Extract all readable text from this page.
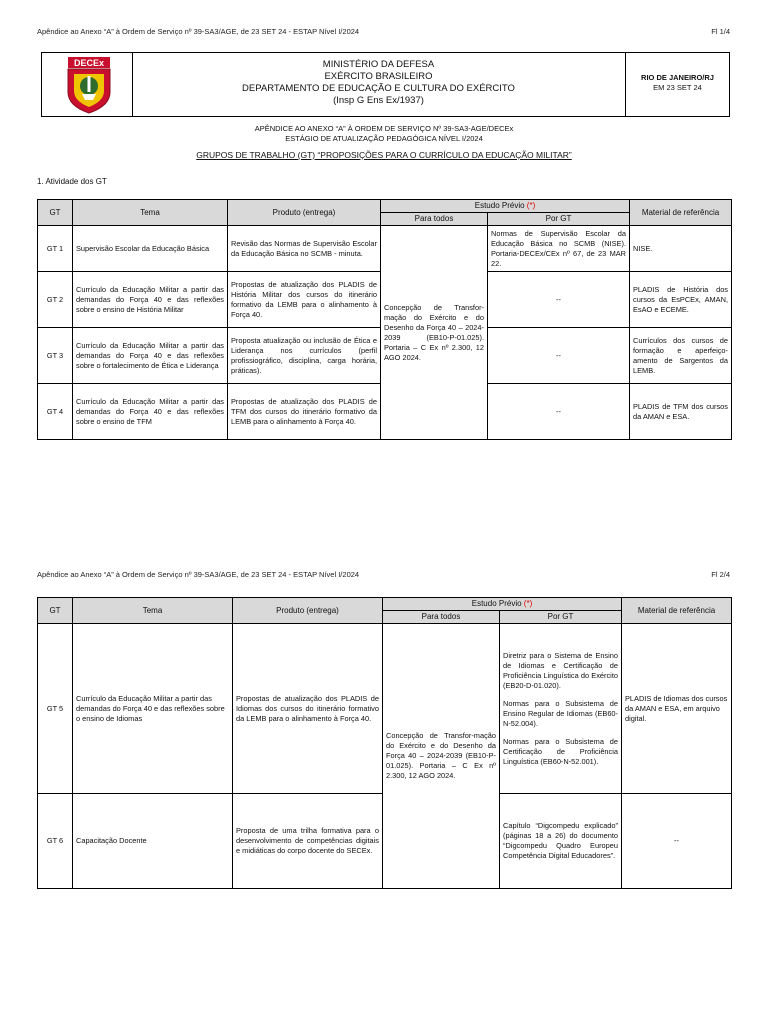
Apêndice ao Anexo “A” à Ordem de Serviço nº 39-SA3/AGE, de 23 SET 24 - ESTAP Nível I/2024	Fl 1/4
DECEx	MINISTÉRIO DA DEFESA
EXÉRCITO BRASILEIRO
DEPARTAMENTO DE EDUCAÇÃO E CULTURA DO EXÉRCITO
(Insp G Ens Ex/1937)
RIO DE JANEIRO/RJ
EM 23 SET 24
APÊNDICE AO ANEXO “A” À ORDEM DE SERVIÇO Nº 39-SA3-AGE/DECEx
ESTÁGIO DE ATUALIZAÇÃO PEDAGÓGICA NÍVEL I/2024
GRUPOS DE TRABALHO (GT) “PROPOSIÇÕES PARA O CURRÍCULO DA EDUCAÇÃO MILITAR”
1. Atividade dos GT
GT	Tema	Produto (entrega)	Estudo Prévio (*)		Material de referência
			Para todos	Por GT	
GT 1	Supervisão Escolar da Educação Básica	Revisão das Normas de Supervisão Escolar da Educação Básica no SCMB - minuta.	Concepção de Transfor-mação do Exército e do Desenho da Força 40 – 2024-2039 (EB10-P-01.025). Portaria – C Ex nº 2.300, 12 AGO 2024.	Normas de Supervisão Escolar da Educação Básica no SCMB (NISE). Portaria-DECEx/CEx nº 67, de 23 MAR 22.	NISE.
GT 2	Currículo da Educação Militar a partir das demandas do Força 40 e das reflexões sobre o ensino de História Militar	Propostas de atualização dos PLADIS de História Militar dos cursos do itinerário formativo da LEMB para o alinhamento à Força 40.		--	PLADIS de História dos cursos da EsPCEx, AMAN, EsAO e ECEME.
GT 3	Currículo da Educação Militar a partir das demandas do Força 40 e das reflexões sobre o fortalecimento de Ética e Liderança	Proposta atualização ou inclusão de Ética e Liderança nos currículos (perfil profissiográfico, disciplina, carga horária, práticas).		--	Currículos dos cursos de formação e aperfeiço-amento de Sargentos da LEMB.
GT 4	Currículo da Educação Militar a partir das demandas do Força 40 e das reflexões sobre o ensino de TFM	Propostas de atualização dos PLADIS de TFM dos cursos do itinerário formativo da LEMB para o alinhamento à Força 40.		--	PLADIS de TFM dos cursos da AMAN e ESA.
Apêndice ao Anexo “A” à Ordem de Serviço nº 39-SA3/AGE, de 23 SET 24 - ESTAP Nível I/2024	Fl 2/4
GT	Tema	Produto (entrega)	Estudo Prévio (*)		Material de referência
			Para todos	Por GT	
GT 5	Currículo da Educação Militar a partir das demandas do Força 40 e das reflexões sobre o ensino de Idiomas	Propostas de atualização dos PLADIS de Idiomas dos cursos do itinerário formativo da LEMB para o alinhamento à Força 40.	Concepção de Transfor-mação do Exército e do Desenho da Força 40 – 2024-2039 (EB10-P-01.025). Portaria – C Ex nº 2.300, 12 AGO 2024.	Diretriz para o Sistema de Ensino de Idiomas e Certificação de Proficiência Linguística do Exército (EB20-D-01.020).

Normas para o Subsistema de Ensino Regular de Idiomas (EB60-N-52.004).

Normas para o Subsistema de Certificação de Proficiência Linguística (EB60-N-52.001).	PLADIS de Idiomas dos cursos da AMAN e ESA, em arquivo digital.
GT 6	Capacitação Docente	Proposta de uma trilha formativa para o desenvolvimento de competências digitais e midiáticas do corpo docente do SECEx.		Capítulo “Digcompedu explicado” (páginas 18 a 26) do documento “Digcompedu Quadro Europeu Competência Digital Educadores”.	--
